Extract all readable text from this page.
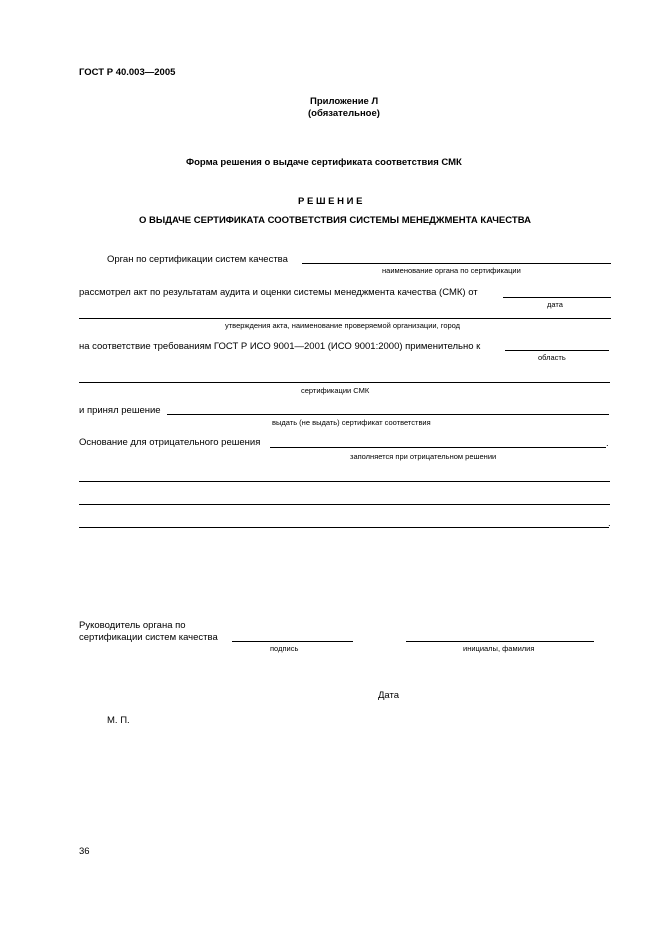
ГОСТ Р 40.003—2005
Приложение Л
(обязательное)
Форма решения о выдаче сертификата соответствия СМК
Р Е Ш Е Н И Е
О ВЫДАЧЕ СЕРТИФИКАТА СООТВЕТСТВИЯ СИСТЕМЫ МЕНЕДЖМЕНТА КАЧЕСТВА
Орган по сертификации систем качества
наименование органа по сертификации
рассмотрел акт по результатам аудита и оценки системы менеджмента качества (СМК) от
дата
утверждения акта, наименование проверяемой организации, город
на соответствие требованиям ГОСТ Р ИСО 9001—2001 (ИСО 9001:2000) применительно к
область
сертификации СМК
и принял решение
выдать (не выдать) сертификат соответствия
Основание для отрицательного решения	.
заполняется при отрицательном решении
.
Руководитель органа по
сертификации систем качества
подпись	инициалы, фамилия
Дата
М. П.
36
